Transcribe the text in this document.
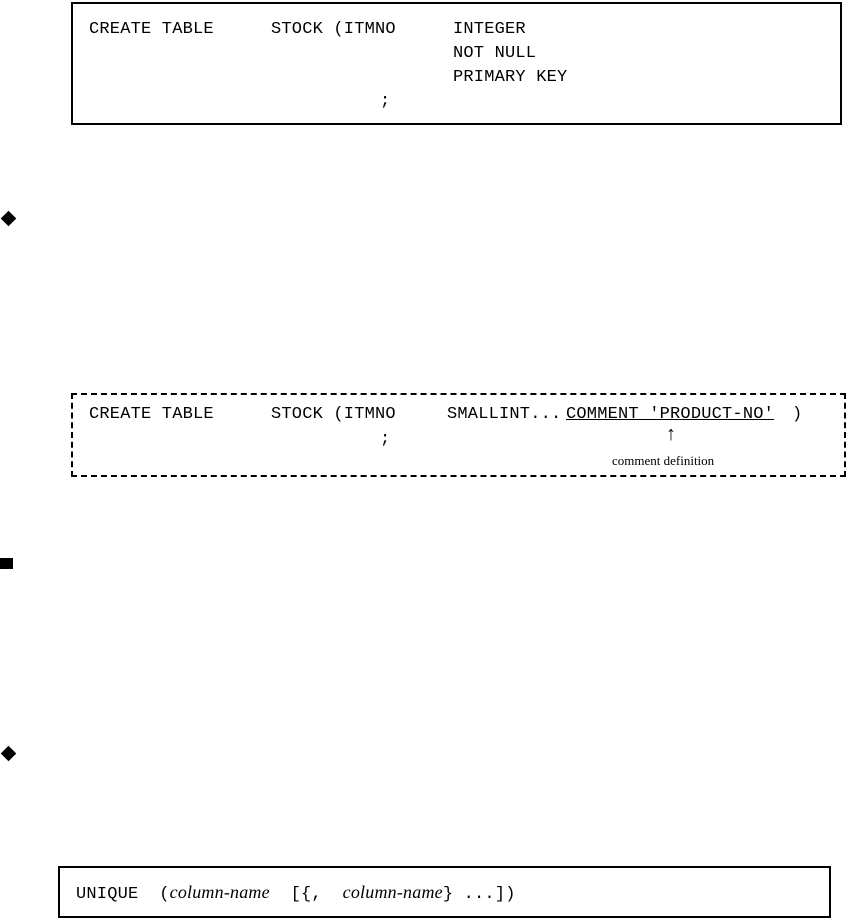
CREATE TABLE	STOCK (ITMNO	INTEGER
NOT NULL
PRIMARY KEY
;
CREATE TABLE	STOCK (ITMNO	SMALLINT... COMMENT 'PRODUCT-NO' )
;	↑
comment definition
UNIQUE (column-name [{, column-name} ...])
